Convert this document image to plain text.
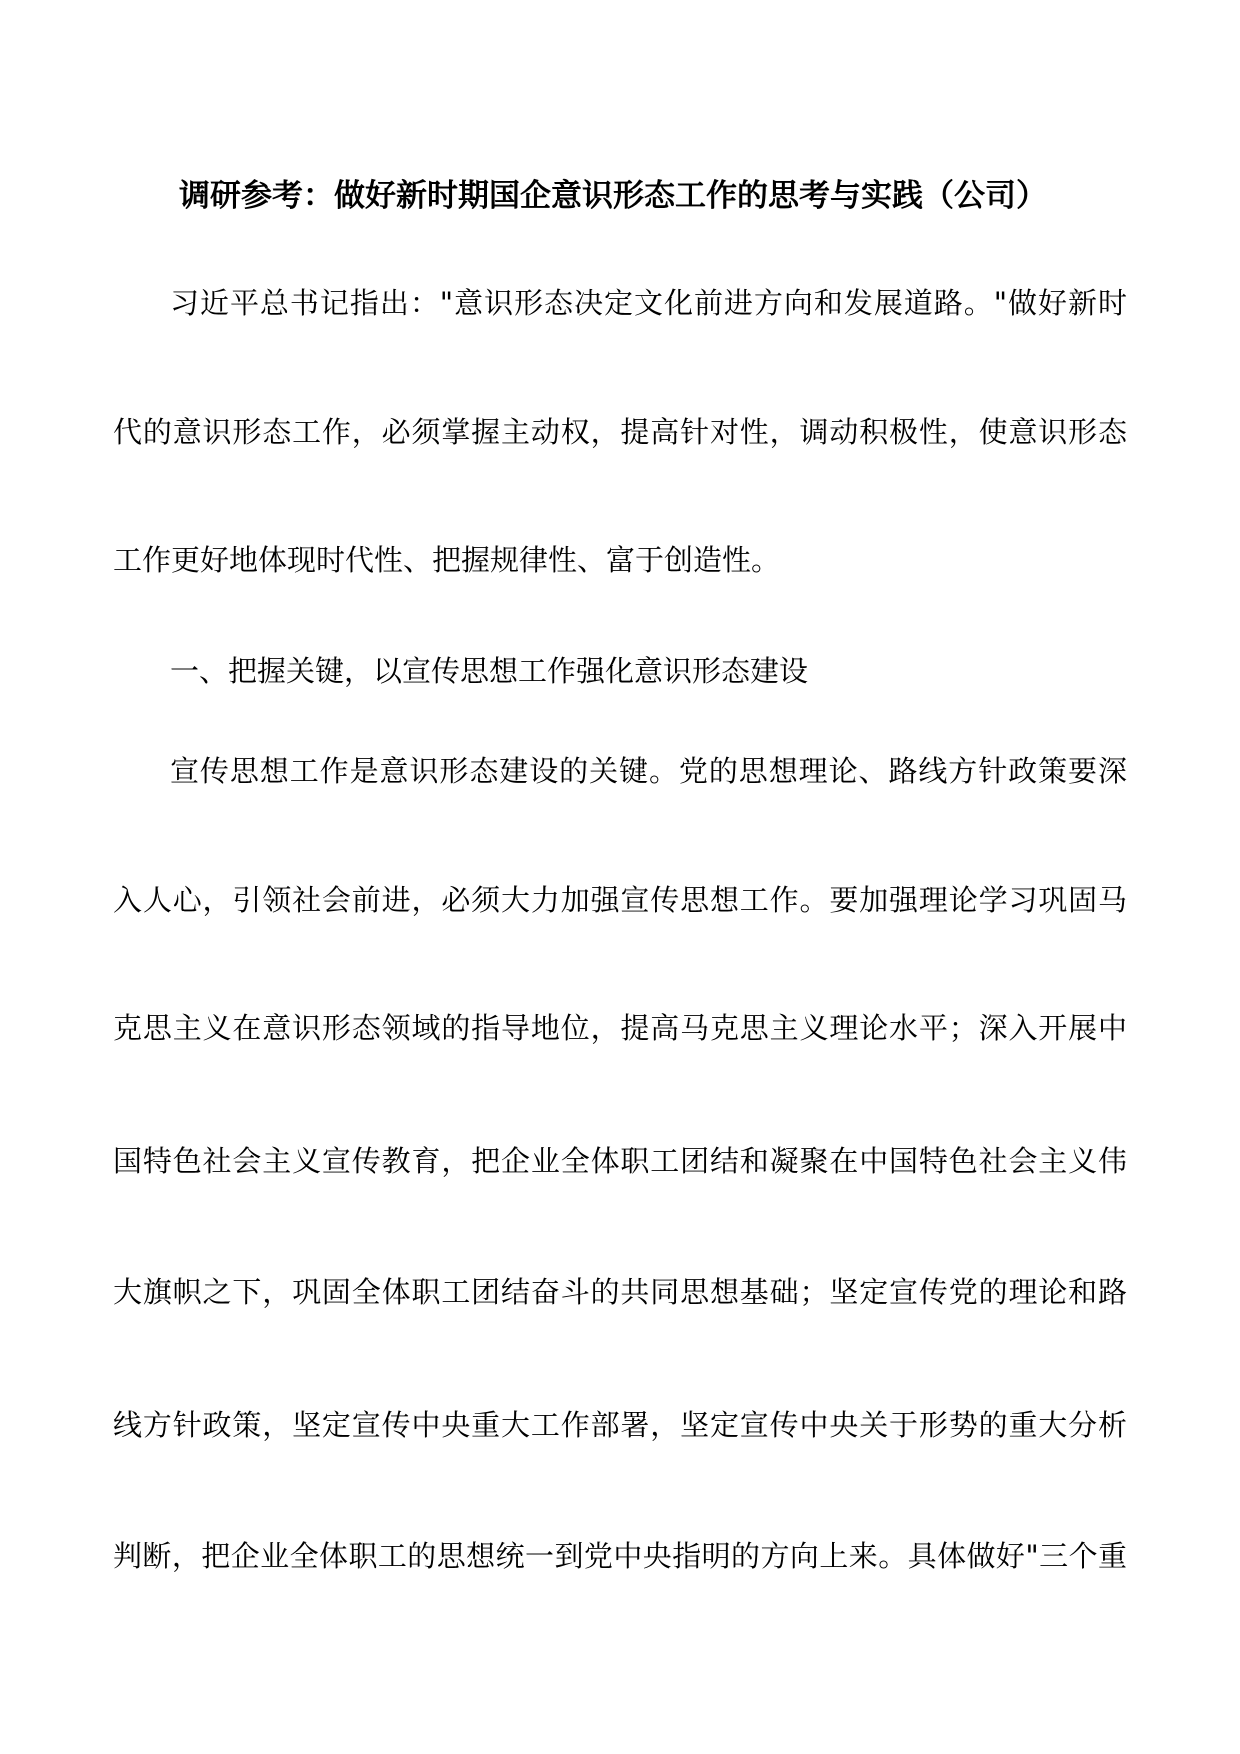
调研参考：做好新时期国企意识形态工作的思考与实践（公司）
习近平总书记指出："意识形态决定文化前进方向和发展道路。"做好新时
代的意识形态工作，必须掌握主动权，提高针对性，调动积极性，使意识形态
工作更好地体现时代性、把握规律性、富于创造性。
一、把握关键，以宣传思想工作强化意识形态建设
宣传思想工作是意识形态建设的关键。党的思想理论、路线方针政策要深
入人心，引领社会前进，必须大力加强宣传思想工作。要加强理论学习巩固马
克思主义在意识形态领域的指导地位，提高马克思主义理论水平；深入开展中
国特色社会主义宣传教育，把企业全体职工团结和凝聚在中国特色社会主义伟
大旗帜之下，巩固全体职工团结奋斗的共同思想基础；坚定宣传党的理论和路
线方针政策，坚定宣传中央重大工作部署，坚定宣传中央关于形势的重大分析
判断，把企业全体职工的思想统一到党中央指明的方向上来。具体做好"三个重
